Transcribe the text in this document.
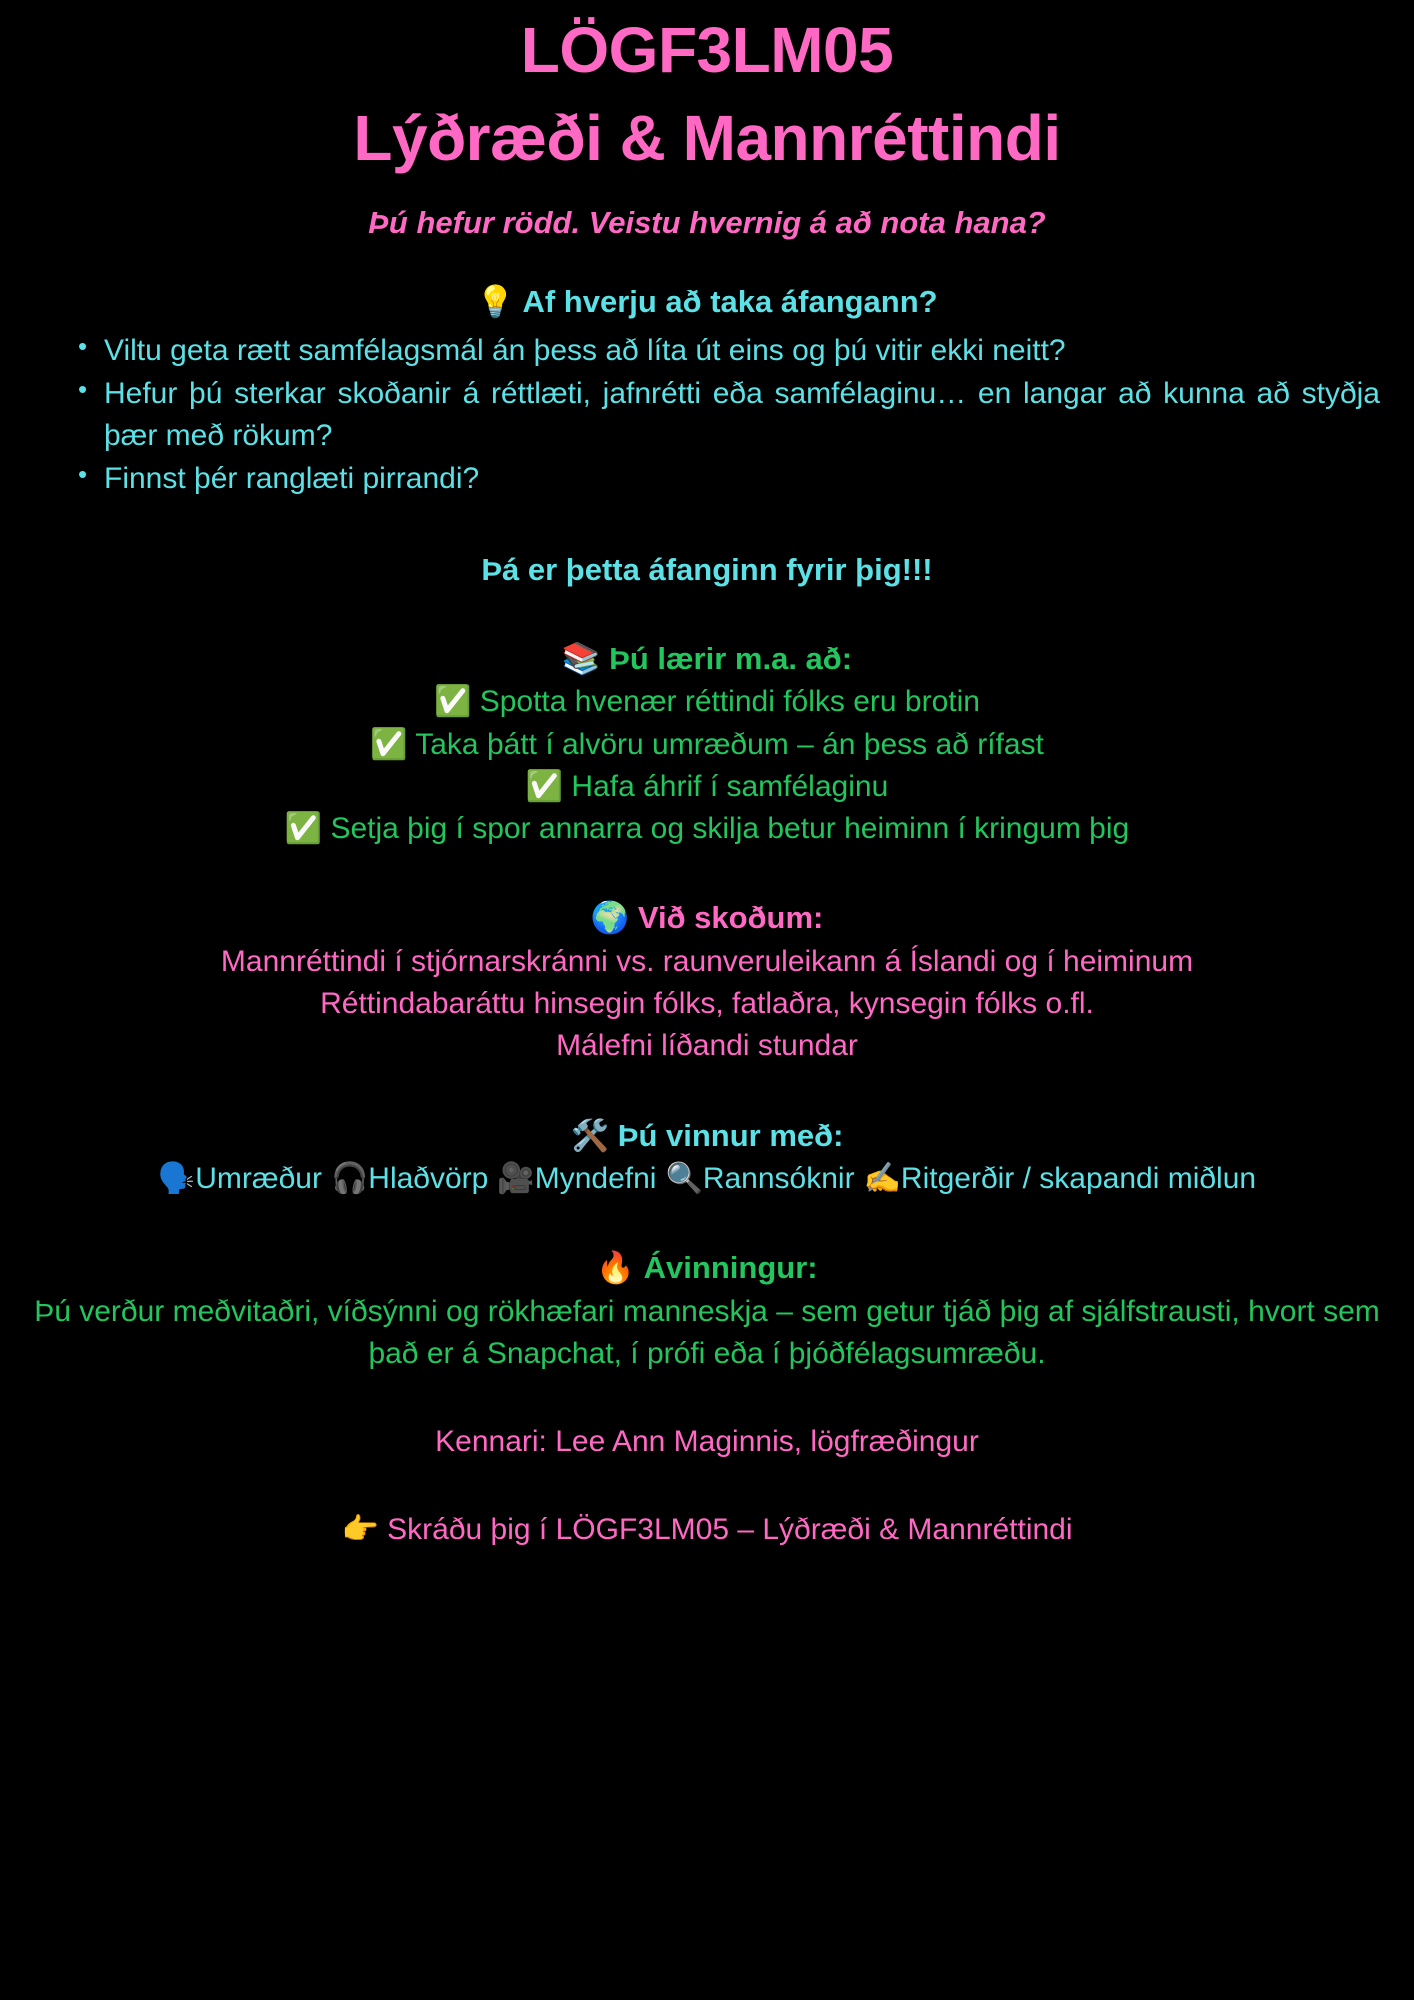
LÖGF3LM05
Lýðræði & Mannréttindi
Þú hefur rödd. Veistu hvernig á að nota hana?
💡 Af hverju að taka áfangann?
• Viltu geta rætt samfélagsmál án þess að líta út eins og þú vitir ekki neitt?
• Hefur þú sterkar skoðanir á réttlæti, jafnrétti eða samfélaginu… en langar að kunna að styðja þær með rökum?
• Finnst þér ranglæti pirrandi?
Þá er þetta áfanginn fyrir þig!!!
📚 Þú lærir m.a. að:

✅ Spotta hvenær réttindi fólks eru brotin

✅ Taka þátt í alvöru umræðum – án þess að rífast

✅ Hafa áhrif í samfélaginu

✅ Setja þig í spor annarra og skilja betur heiminn í kringum þig

🌍 Við skoðum:

Mannréttindi í stjórnarskránni vs. raunveruleikann á Íslandi og í heiminum

Réttindabaráttu hinsegin fólks, fatlaðra, kynsegin fólks o.fl.

Málefni líðandi stundar

🛠️ Þú vinnur með:
🗣️Umræður 🎧Hlaðvörp 🎥Myndefni 🔍Rannsóknir ✍️Ritgerðir / skapandi miðlun
🔥 Ávinningur:

Þú verður meðvitaðri, víðsýnni og rökhæfari manneskja – sem getur tjáð þig af sjálfstrausti, hvort sem það er á Snapchat, í prófi eða í þjóðfélagsumræðu.

Kennari: Lee Ann Maginnis, lögfræðingur
👉 Skráðu þig í LÖGF3LM05 – Lýðræði & Mannréttindi
